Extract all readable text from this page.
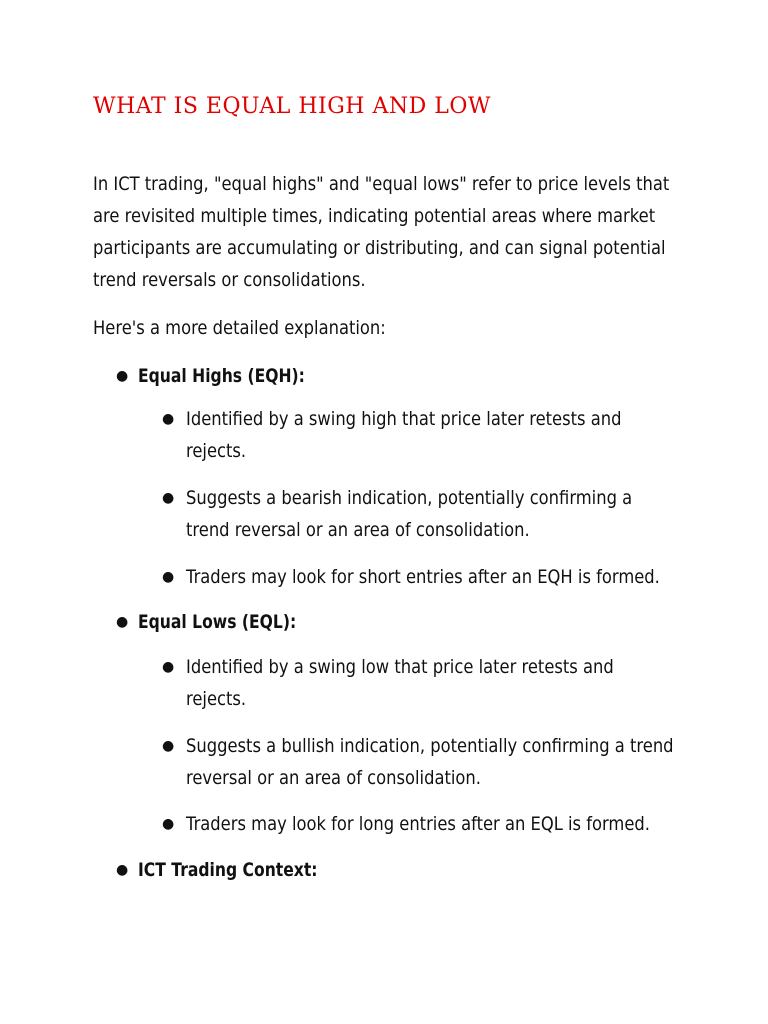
WHAT IS EQUAL HIGH AND LOW

In ICT trading, "equal highs" and "equal lows" refer to price levels that are revisited multiple times, indicating potential areas where market participants are accumulating or distributing, and can signal potential trend reversals or consolidations.

Here's a more detailed explanation:

● Equal Highs (EQH):
● Identified by a swing high that price later retests and rejects.
● Suggests a bearish indication, potentially confirming a trend reversal or an area of consolidation.
● Traders may look for short entries after an EQH is formed.
● Equal Lows (EQL):
● Identified by a swing low that price later retests and rejects.
● Suggests a bullish indication, potentially confirming a trend reversal or an area of consolidation.
● Traders may look for long entries after an EQL is formed.
● ICT Trading Context:
